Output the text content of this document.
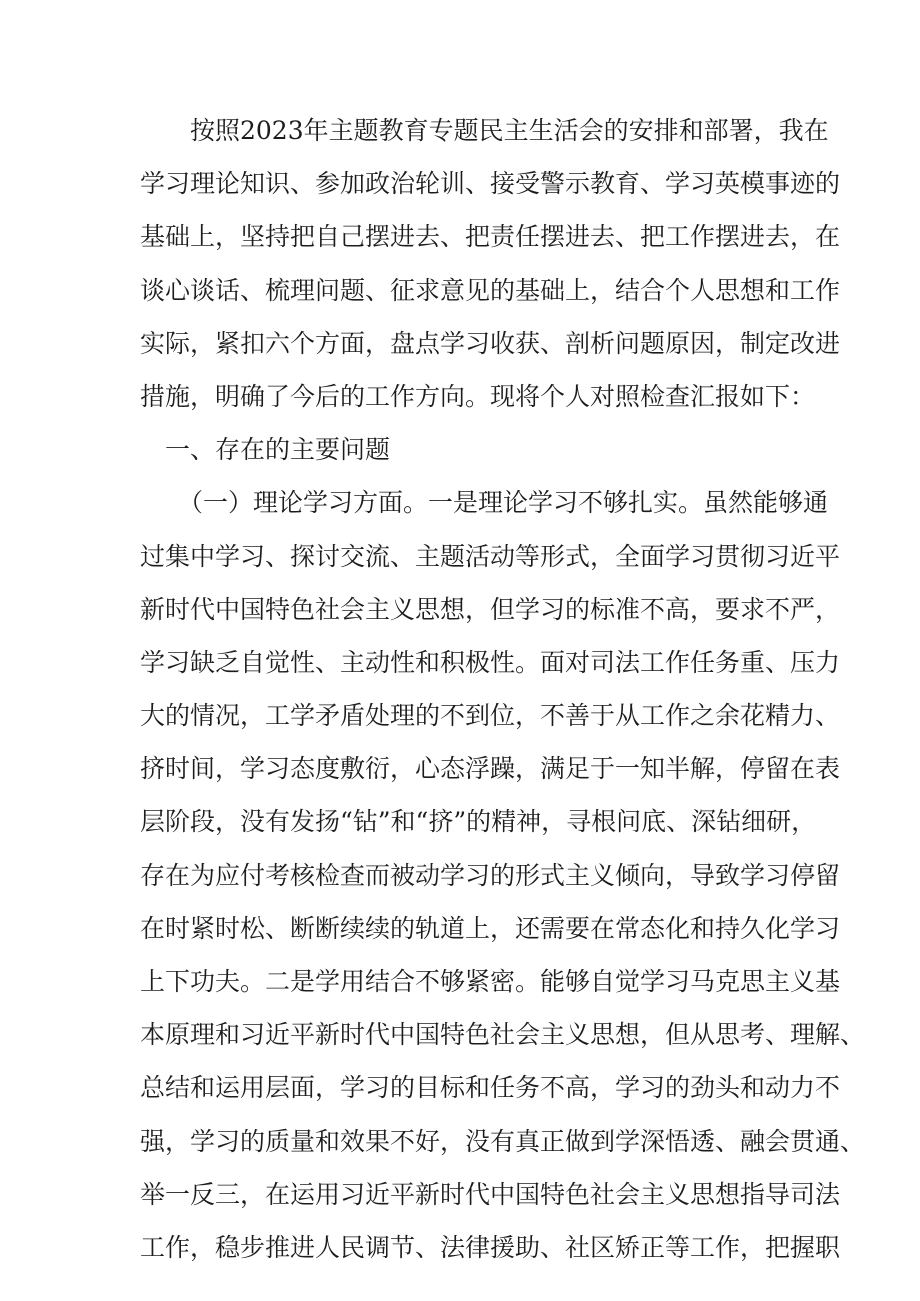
按照2023年主题教育专题民主生活会的安排和部署，我在
学习理论知识、参加政治轮训、接受警示教育、学习英模事迹的
基础上，坚持把自己摆进去、把责任摆进去、把工作摆进去，在
谈心谈话、梳理问题、征求意见的基础上，结合个人思想和工作
实际，紧扣六个方面，盘点学习收获、剖析问题原因，制定改进
措施，明确了今后的工作方向。现将个人对照检查汇报如下：
一、存在的主要问题
（一）理论学习方面。一是理论学习不够扎实。虽然能够通
过集中学习、探讨交流、主题活动等形式，全面学习贯彻习近平
新时代中国特色社会主义思想，但学习的标准不高，要求不严，
学习缺乏自觉性、主动性和积极性。面对司法工作任务重、压力
大的情况，工学矛盾处理的不到位，不善于从工作之余花精力、
挤时间，学习态度敷衍，心态浮躁，满足于一知半解，停留在表
层阶段，没有发扬“钻”和“挤”的精神，寻根问底、深钻细研，
存在为应付考核检查而被动学习的形式主义倾向，导致学习停留
在时紧时松、断断续续的轨道上，还需要在常态化和持久化学习
上下功夫。二是学用结合不够紧密。能够自觉学习马克思主义基
本原理和习近平新时代中国特色社会主义思想，但从思考、理解、
总结和运用层面，学习的目标和任务不高，学习的劲头和动力不
强，学习的质量和效果不好，没有真正做到学深悟透、融会贯通、
举一反三，在运用习近平新时代中国特色社会主义思想指导司法
工作，稳步推进人民调节、法律援助、社区矫正等工作，把握职
